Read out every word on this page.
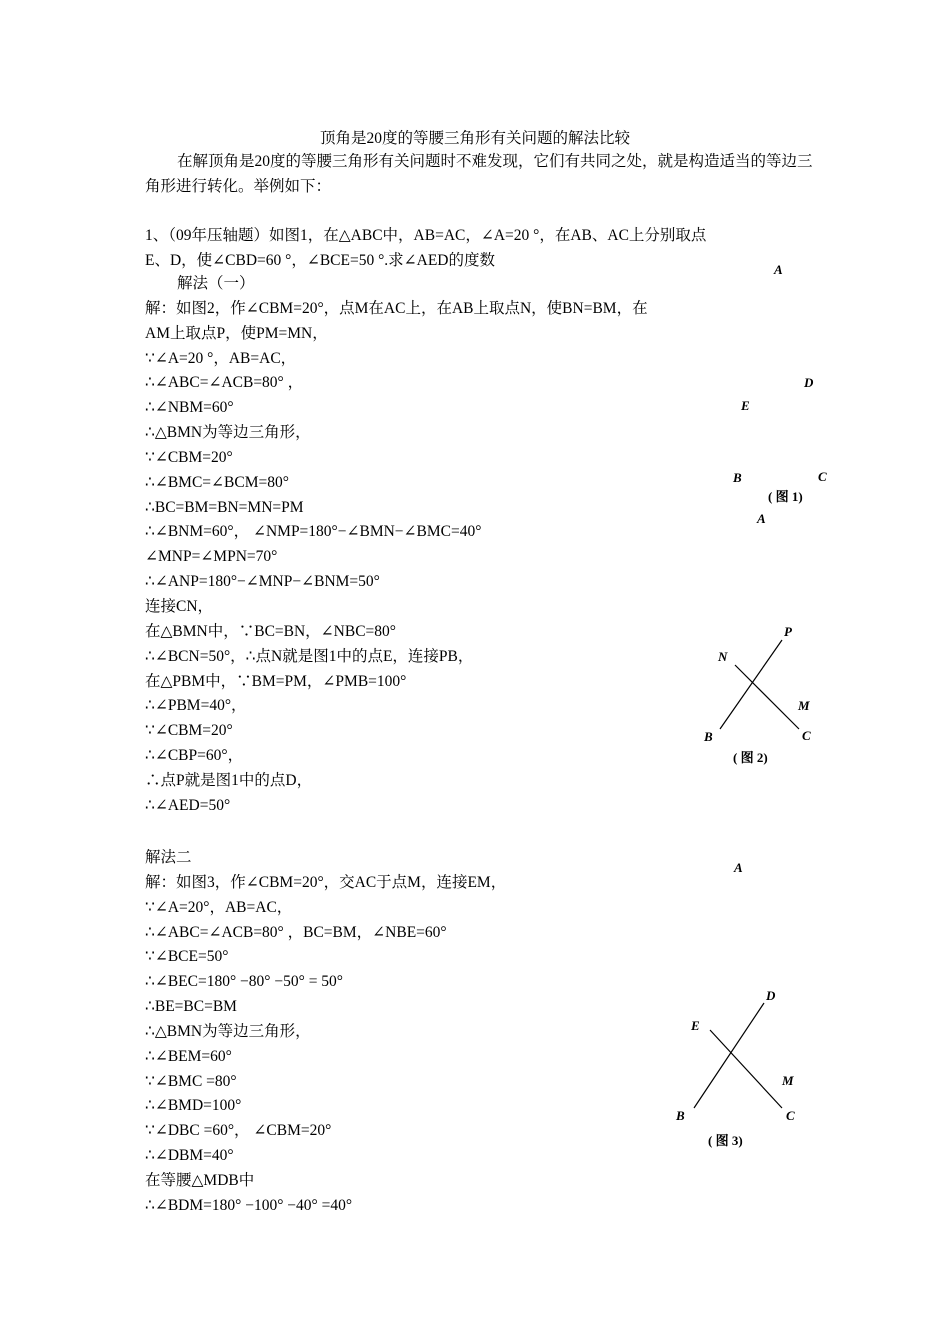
顶角是20度的等腰三角形有关问题的解法比较
在解顶角是20度的等腰三角形有关问题时不难发现，它们有共同之处，就是构造适当的等边三角形进行转化。举例如下：
1、（09年压轴题）如图1，在△ABC中，AB=AC，∠A=20 °，在AB、AC上分别取点
E、D，使∠CBD=60 °，∠BCE=50 °.求∠AED的度数
解法（一）
解：如图2，作∠CBM=20°，点M在AC上，在AB上取点N，使BN=BM，在
AM上取点P，使PM=MN，
∵∠A=20 °，AB=AC，
∴∠ABC=∠ACB=80° ，
∴∠NBM=60°
∴△BMN为等边三角形，
∵∠CBM=20°
∴∠BMC=∠BCM=80°
∴BC=BM=BN=MN=PM
∴∠BNM=60°， ∠NMP=180°−∠BMN−∠BMC=40°
∠MNP=∠MPN=70°
∴∠ANP=180°−∠MNP−∠BNM=50°
连接CN，
在△BMN中，∵BC=BN，∠NBC=80°
∴∠BCN=50°，∴点N就是图1中的点E，连接PB，
在△PBM中，∵BM=PM，∠PMB=100°
∴∠PBM=40°，
∵∠CBM=20°
∴∠CBP=60°，
∴点P就是图1中的点D，
∴∠AED=50°
解法二
解：如图3，作∠CBM=20°，交AC于点M，连接EM，
∵∠A=20°，AB=AC，
∴∠ABC=∠ACB=80° ，BC=BM，∠NBE=60°
∵∠BCE=50°
∴∠BEC=180° −80° −50° = 50°
∴BE=BC=BM
∴△BMN为等边三角形，
∴∠BEM=60°
∵∠BMC =80°
∴∠BMD=100°
∵∠DBC =60°， ∠CBM=20°
∴∠DBM=40°
在等腰△MDB中
∴∠BDM=180° −100° −40° =40°
A
D
E
B	C
( 图 1)
A
P
N
M
B	C
( 图 2)
A
D
E
M
B	C
( 图 3)
